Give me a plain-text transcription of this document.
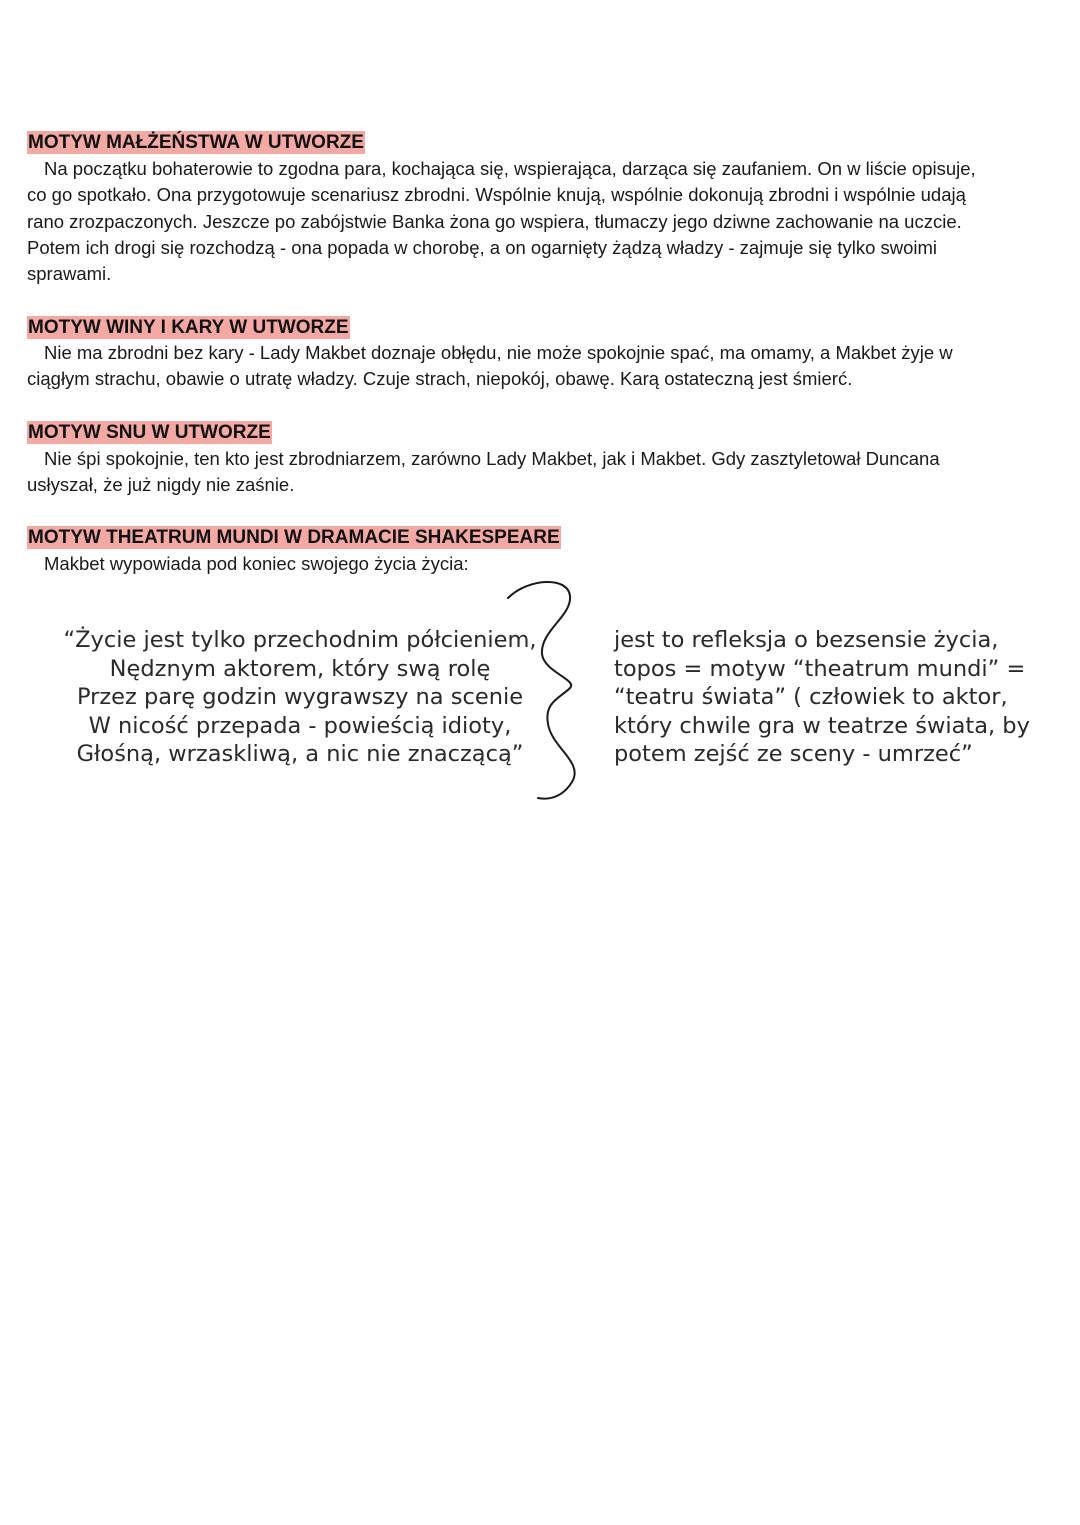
MOTYW MAŁŻEŃSTWA W UTWORZE
Na początku bohaterowie to zgodna para, kochająca się, wspierająca, darząca się zaufaniem. On w liście opisuje,
co go spotkało. Ona przygotowuje scenariusz zbrodni. Wspólnie knują, wspólnie dokonują zbrodni i wspólnie udają
rano zrozpaczonych. Jeszcze po zabójstwie Banka żona go wspiera, tłumaczy jego dziwne zachowanie na uczcie.
Potem ich drogi się rozchodzą - ona popada w chorobę, a on ogarnięty żądzą władzy - zajmuje się tylko swoimi
sprawami.
MOTYW WINY I KARY W UTWORZE
Nie ma zbrodni bez kary - Lady Makbet doznaje obłędu, nie może spokojnie spać, ma omamy, a Makbet żyje w
ciągłym strachu, obawie o utratę władzy. Czuje strach, niepokój, obawę. Karą ostateczną jest śmierć.
MOTYW SNU W UTWORZE
Nie śpi spokojnie, ten kto jest zbrodniarzem, zarówno Lady Makbet, jak i Makbet. Gdy zasztyletował Duncana
usłyszał, że już nigdy nie zaśnie.
MOTYW THEATRUM MUNDI W DRAMACIE SHAKESPEARE
Makbet wypowiada pod koniec swojego życia życia:
“Życie jest tylko przechodnim półcieniem,
Nędznym aktorem, który swą rolę
Przez parę godzin wygrawszy na scenie
W nicość przepada - powieścią idioty,
Głośną, wrzaskliwą, a nic nie znaczącą”
jest to refleksja o bezsensie życia,
topos = motyw “theatrum mundi” =
“teatru świata” ( człowiek to aktor,
który chwile gra w teatrze świata, by
potem zejść ze sceny - umrzeć”
